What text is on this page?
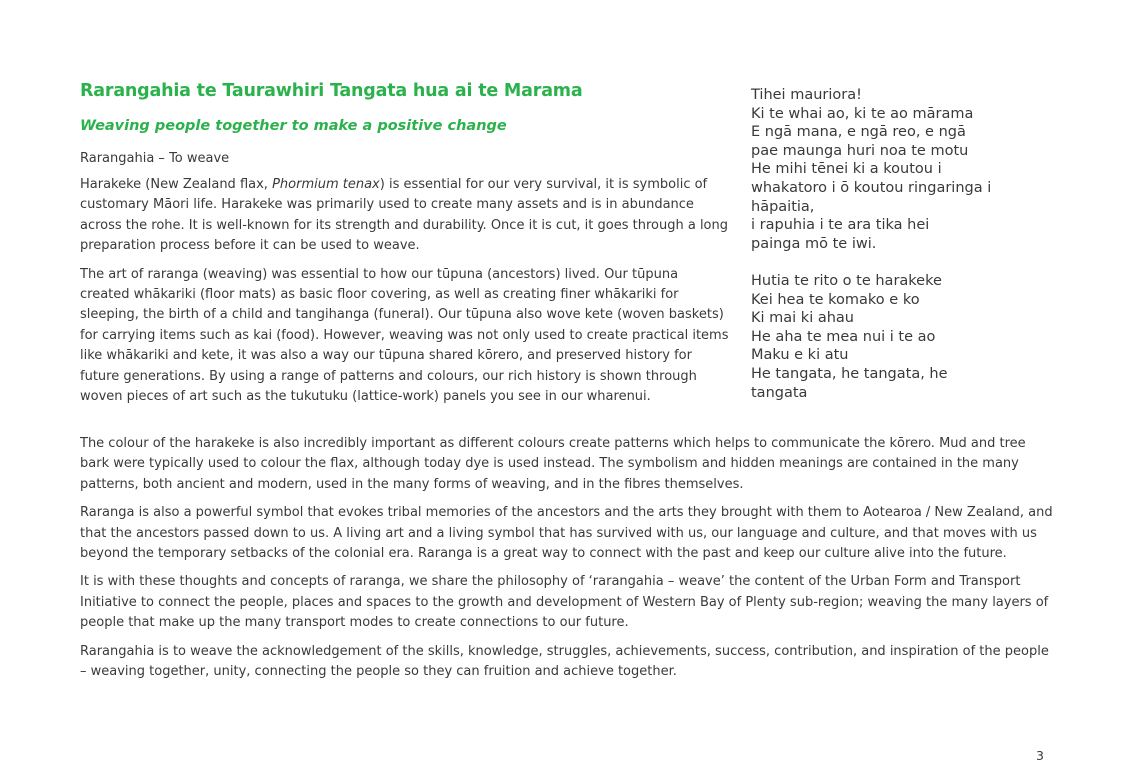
Rarangahia te Taurawhiri Tangata hua ai te Marama
Weaving people together to make a positive change

Rarangahia – To weave

Harakeke (New Zealand flax, Phormium tenax) is essential for our very survival, it is symbolic of customary Māori life. Harakeke was primarily used to create many assets and is in abundance across the rohe. It is well-known for its strength and durability. Once it is cut, it goes through a long preparation process before it can be used to weave.

The art of raranga (weaving) was essential to how our tūpuna (ancestors) lived. Our tūpuna created whākariki (floor mats) as basic floor covering, as well as creating finer whākariki for sleeping, the birth of a child and tangihanga (funeral). Our tūpuna also wove kete (woven baskets) for carrying items such as kai (food). However, weaving was not only used to create practical items like whākariki and kete, it was also a way our tūpuna shared kōrero, and preserved history for future generations. By using a range of patterns and colours, our rich history is shown through woven pieces of art such as the tukutuku (lattice-work) panels you see in our wharenui.

Tihei mauriora!
Ki te whai ao, ki te ao mārama
E ngā mana, e ngā reo, e ngā
pae maunga huri noa te motu
He mihi tēnei ki a koutou i
whakatoro i ō koutou ringaringa i
hāpaitia,
i rapuhia i te ara tika hei
painga mō te iwi.
Hutia te rito o te harakeke
Kei hea te komako e ko
Ki mai ki ahau
He aha te mea nui i te ao
Maku e ki atu
He tangata, he tangata, he
tangata

The colour of the harakeke is also incredibly important as different colours create patterns which helps to communicate the kōrero. Mud and tree bark were typically used to colour the flax, although today dye is used instead. The symbolism and hidden meanings are contained in the many patterns, both ancient and modern, used in the many forms of weaving, and in the fibres themselves.

Raranga is also a powerful symbol that evokes tribal memories of the ancestors and the arts they brought with them to Aotearoa / New Zealand, and that the ancestors passed down to us. A living art and a living symbol that has survived with us, our language and culture, and that moves with us beyond the temporary setbacks of the colonial era. Raranga is a great way to connect with the past and keep our culture alive into the future.

It is with these thoughts and concepts of raranga, we share the philosophy of ‘rarangahia – weave’ the content of the Urban Form and Transport Initiative to connect the people, places and spaces to the growth and development of Western Bay of Plenty sub-region; weaving the many layers of people that make up the many transport modes to create connections to our future.

Rarangahia is to weave the acknowledgement of the skills, knowledge, struggles, achievements, success, contribution, and inspiration of the people – weaving together, unity, connecting the people so they can fruition and achieve together.

3
